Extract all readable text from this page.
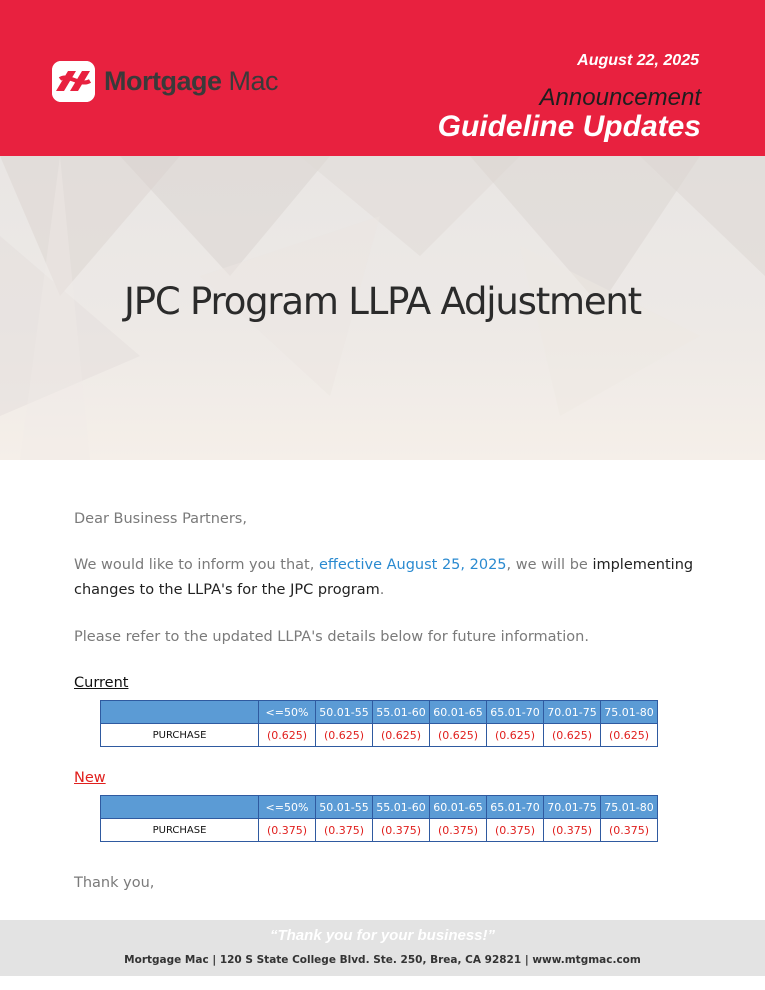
Mortgage Mac
August 22, 2025
Announcement
Guideline Updates
JPC Program LLPA Adjustment
Dear Business Partners,
We would like to inform you that, effective August 25, 2025, we will be implementing changes to the LLPA's for the JPC program.
Please refer to the updated LLPA's details below for future information.
Current
	<=50%	50.01-55	55.01-60	60.01-65	65.01-70	70.01-75	75.01-80
PURCHASE	(0.625)	(0.625)	(0.625)	(0.625)	(0.625)	(0.625)	(0.625)
New
	<=50%	50.01-55	55.01-60	60.01-65	65.01-70	70.01-75	75.01-80
PURCHASE	(0.375)	(0.375)	(0.375)	(0.375)	(0.375)	(0.375)	(0.375)
Thank you,
“Thank you for your business!”
Mortgage Mac | 120 S State College Blvd. Ste. 250, Brea, CA 92821 | www.mtgmac.com
